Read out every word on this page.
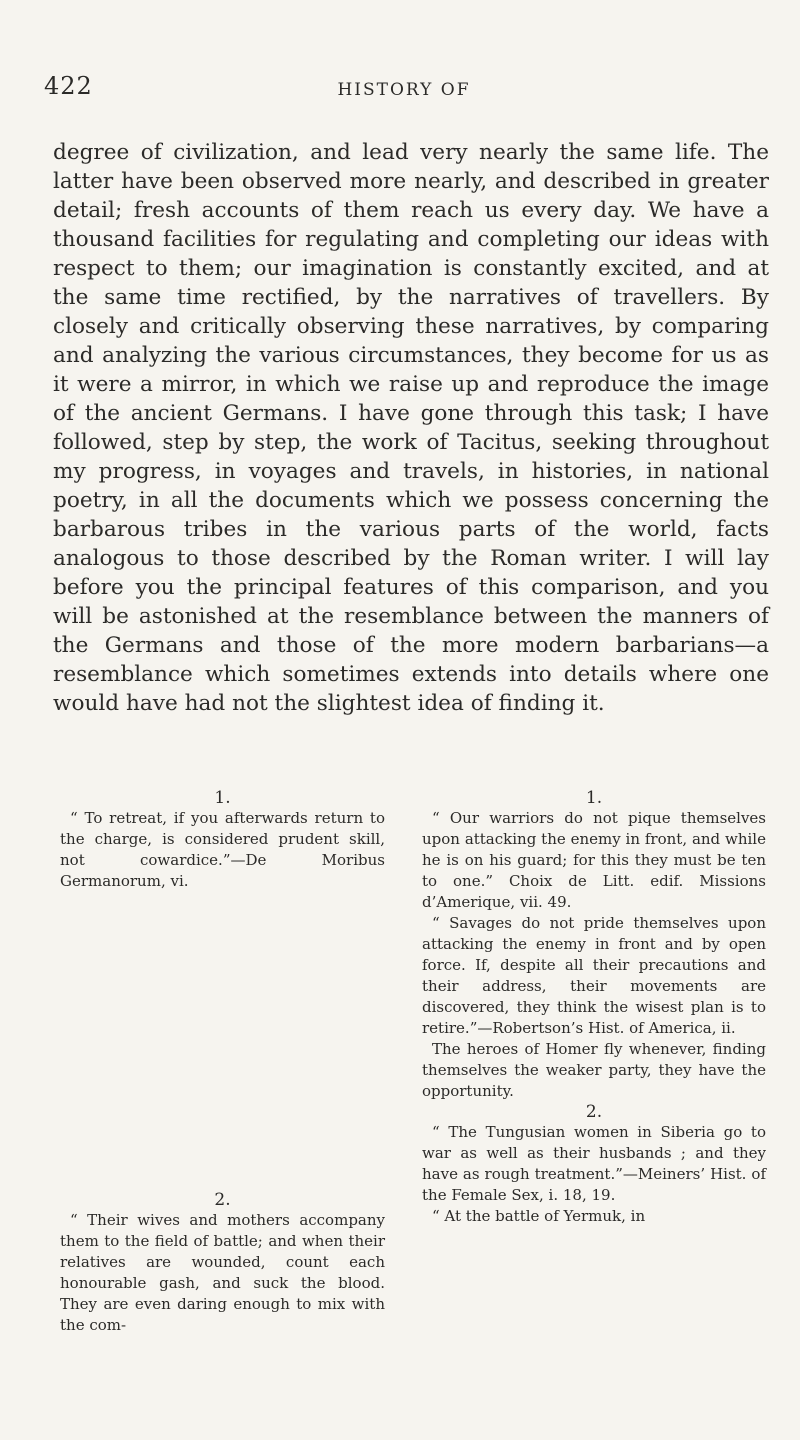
422	HISTORY OF

degree of civilization, and lead very nearly the same life. The latter have been observed more nearly, and described in greater detail; fresh accounts of them reach us every day. We have a thousand facilities for regulating and completing our ideas with respect to them; our imagination is constantly excited, and at the same time rectified, by the narratives of travellers. By closely and critically observing these narratives, by comparing and analyzing the various circumstances, they become for us as it were a mirror, in which we raise up and reproduce the image of the ancient Germans. I have gone through this task; I have followed, step by step, the work of Tacitus, seeking throughout my progress, in voyages and travels, in histories, in national poetry, in all the documents which we possess concerning the barbarous tribes in the various parts of the world, facts analogous to those described by the Roman writer. I will lay before you the principal features of this comparison, and you will be astonished at the resemblance between the manners of the Germans and those of the more modern barbarians—a resemblance which sometimes extends into details where one would have had not the slightest idea of finding it.

1.

“ To retreat, if you afterwards return to the charge, is considered prudent skill, not cowardice.”—De Moribus Germanorum, vi.

2.

“ Their wives and mothers accompany them to the field of battle; and when their relatives are wounded, count each honourable gash, and suck the blood. They are even daring enough to mix with the com-

1.

“ Our warriors do not pique themselves upon attacking the enemy in front, and while he is on his guard; for this they must be ten to one.” Choix de Litt. edif. Missions d’Amerique, vii. 49.

“ Savages do not pride themselves upon attacking the enemy in front and by open force. If, despite all their precautions and their address, their movements are discovered, they think the wisest plan is to retire.”—Robertson’s Hist. of America, ii.

The heroes of Homer fly whenever, finding themselves the weaker party, they have the opportunity.

2.

“ The Tungusian women in Siberia go to war as well as their husbands ; and they have as rough treatment.”—Meiners’ Hist. of the Female Sex, i. 18, 19.

“ At the battle of Yermuk, in
